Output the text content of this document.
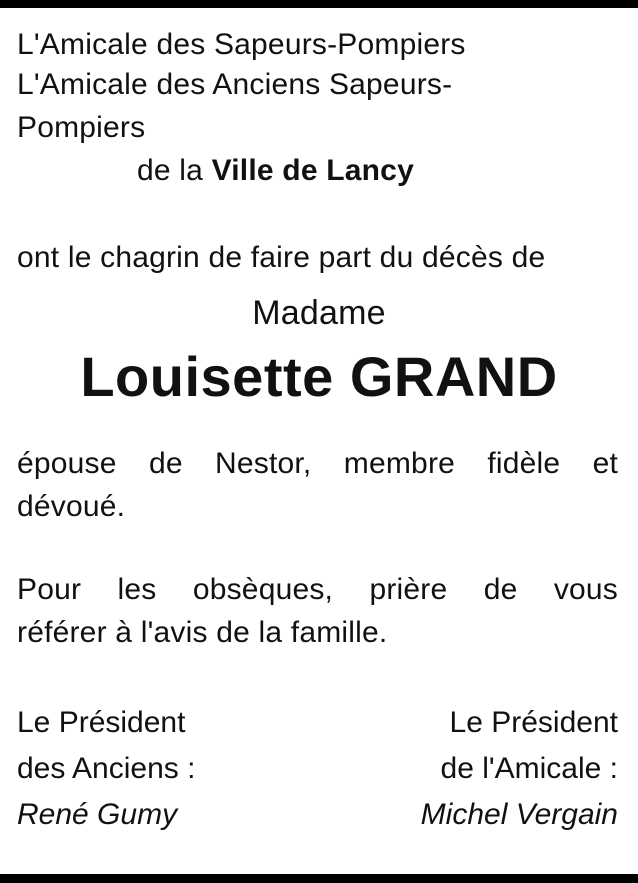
L'Amicale des Sapeurs-Pompiers
L'Amicale des Anciens Sapeurs-
Pompiers
de la Ville de Lancy
ont le chagrin de faire part du décès de
Madame
Louisette GRAND
épouse de Nestor, membre fidèle et
dévoué.
Pour les obsèques, prière de vous
référer à l'avis de la famille.
Le Président
des Anciens :
René Gumy
Le Président
de l'Amicale :
Michel Vergain
